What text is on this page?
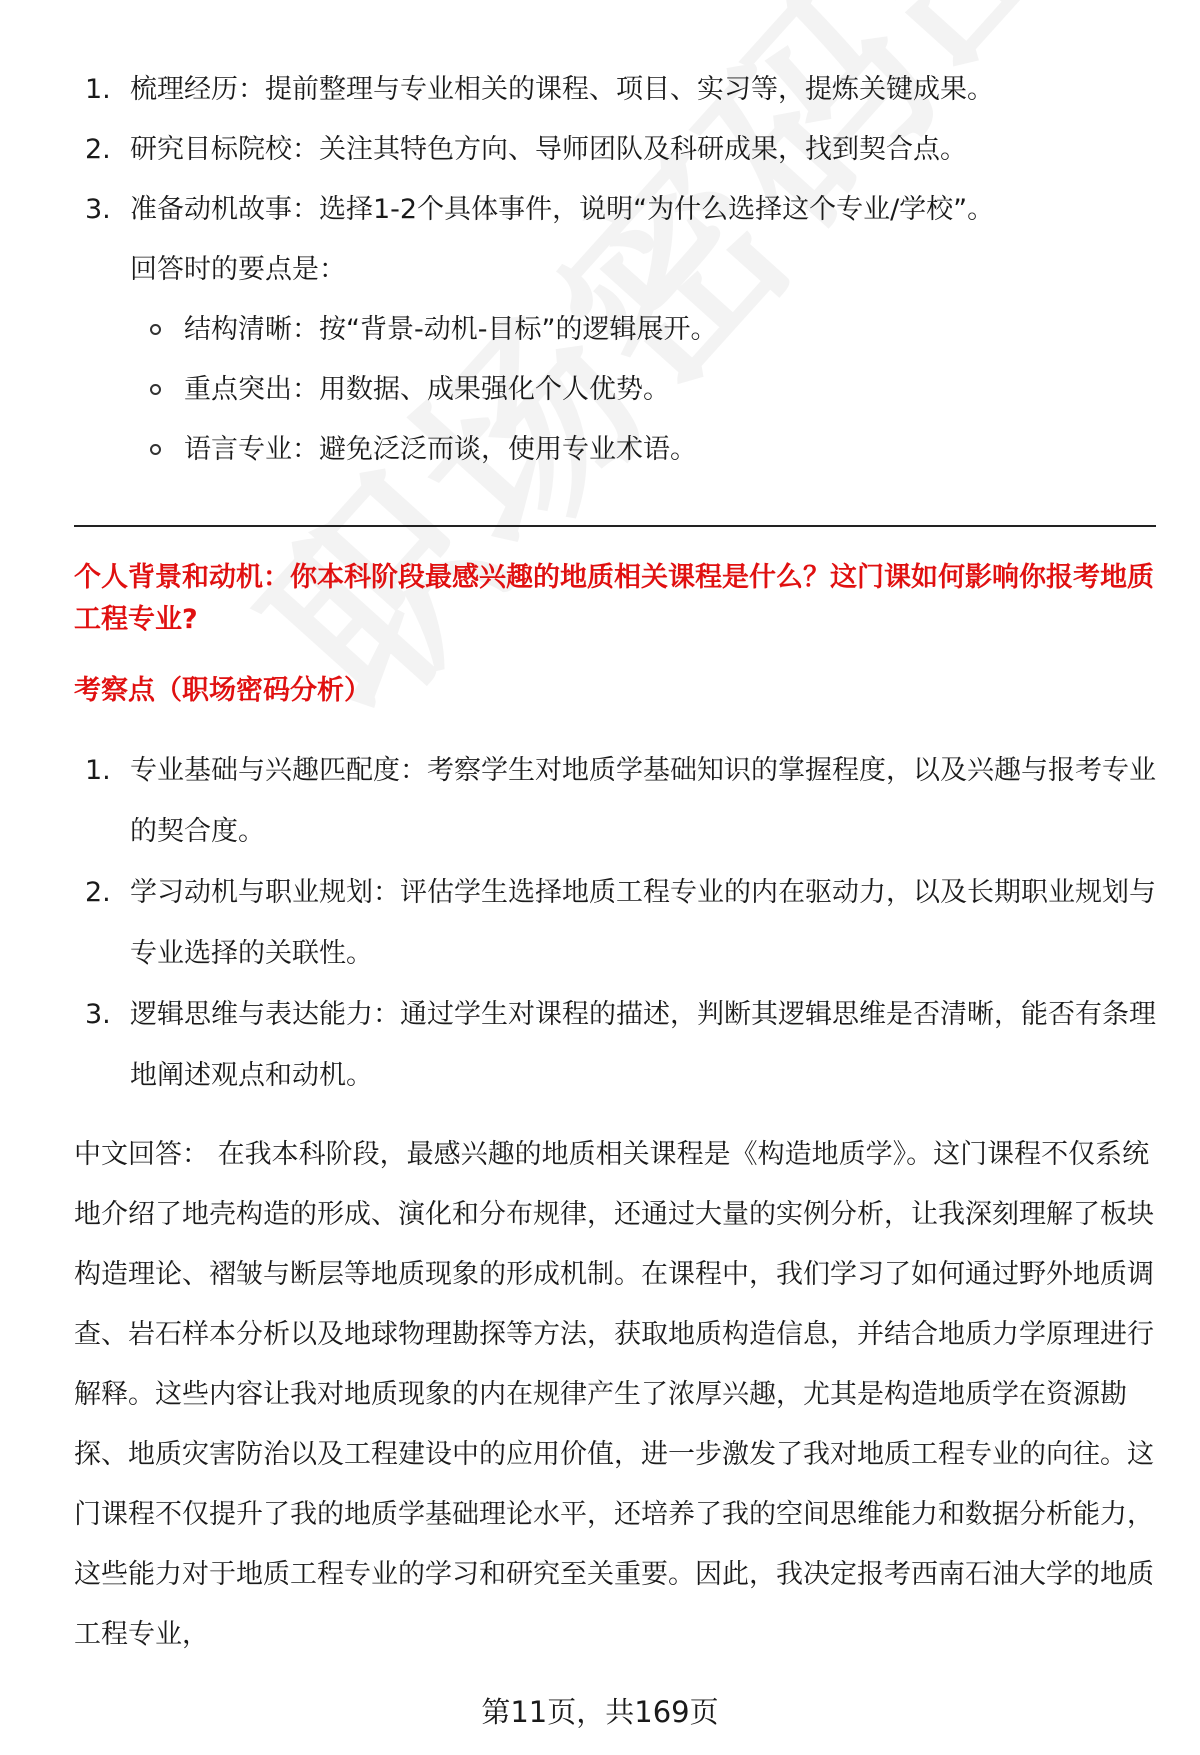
1. 梳理经历：提前整理与专业相关的课程、项目、实习等，提炼关键成果。
2. 研究目标院校：关注其特色方向、导师团队及科研成果，找到契合点。
3. 准备动机故事：选择1-2个具体事件，说明“为什么选择这个专业/学校”。
回答时的要点是：
结构清晰：按“背景-动机-目标”的逻辑展开。
重点突出：用数据、成果强化个人优势。
语言专业：避免泛泛而谈，使用专业术语。
个人背景和动机：你本科阶段最感兴趣的地质相关课程是什么？这门课如何影响你报考地质工程专业?
考察点（职场密码分析）
1. 专业基础与兴趣匹配度：考察学生对地质学基础知识的掌握程度，以及兴趣与报考专业的契合度。
2. 学习动机与职业规划：评估学生选择地质工程专业的内在驱动力，以及长期职业规划与专业选择的关联性。
3. 逻辑思维与表达能力：通过学生对课程的描述，判断其逻辑思维是否清晰，能否有条理地阐述观点和动机。

中文回答： 在我本科阶段，最感兴趣的地质相关课程是《构造地质学》。这门课程不仅系统地介绍了地壳构造的形成、演化和分布规律，还通过大量的实例分析，让我深刻理解了板块构造理论、褶皱与断层等地质现象的形成机制。在课程中，我们学习了如何通过野外地质调查、岩石样本分析以及地球物理勘探等方法，获取地质构造信息，并结合地质力学原理进行解释。这些内容让我对地质现象的内在规律产生了浓厚兴趣，尤其是构造地质学在资源勘探、地质灾害防治以及工程建设中的应用价值，进一步激发了我对地质工程专业的向往。这门课程不仅提升了我的地质学基础理论水平，还培养了我的空间思维能力和数据分析能力，这些能力对于地质工程专业的学习和研究至关重要。因此，我决定报考西南石油大学的地质工程专业，

第11页，共169页
